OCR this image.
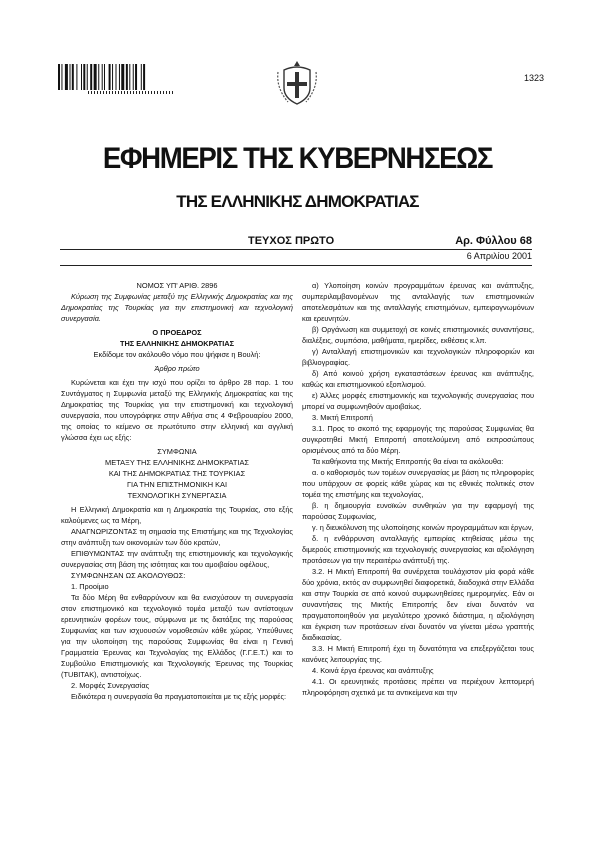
1323
ΕΦΗΜΕΡΙΣ ΤΗΣ ΚΥΒΕΡΝΗΣΕΩΣ
ΤΗΣ ΕΛΛΗΝΙΚΗΣ ΔΗΜΟΚΡΑΤΙΑΣ
ΤΕΥΧΟΣ ΠΡΩΤΟ	Αρ. Φύλλου 68
6 Απριλίου 2001

ΝΟΜΟΣ ΥΠ' ΑΡΙΘ. 2896

Κύρωση της Συμφωνίας μεταξύ της Ελληνικής Δημοκρατίας και της Δημοκρατίας της Τουρκίας για την επιστημονική και τεχνολογική συνεργασία.

Ο ΠΡΟΕΔΡΟΣ

ΤΗΣ ΕΛΛΗΝΙΚΗΣ ΔΗΜΟΚΡΑΤΙΑΣ

Εκδίδομε τον ακόλουθο νόμο που ψήφισε η Βουλή:

Άρθρο πρώτο

Κυρώνεται και έχει την ισχύ που ορίζει το άρθρο 28 παρ. 1 του Συντάγματος η Συμφωνία μεταξύ της Ελληνικής Δημοκρατίας και της Δημοκρατίας της Τουρκίας για την επιστημονική και τεχνολογική συνεργασία, που υπογράφηκε στην Αθήνα στις 4 Φεβρουαρίου 2000, της οποίας το κείμενο σε πρωτότυπο στην ελληνική και αγγλική γλώσσα έχει ως εξής:

ΣΥΜΦΩΝΙΑ

ΜΕΤΑΞΥ ΤΗΣ ΕΛΛΗΝΙΚΗΣ ΔΗΜΟΚΡΑΤΙΑΣ

ΚΑΙ ΤΗΣ ΔΗΜΟΚΡΑΤΙΑΣ ΤΗΣ ΤΟΥΡΚΙΑΣ

ΓΙΑ ΤΗΝ ΕΠΙΣΤΗΜΟΝΙΚΗ ΚΑΙ

ΤΕΧΝΟΛΟΓΙΚΗ ΣΥΝΕΡΓΑΣΙΑ

Η Ελληνική Δημοκρατία και η Δημοκρατία της Τουρκίας, στο εξής καλούμενες ως τα Μέρη,

ΑΝΑΓΝΩΡΙΖΟΝΤΑΣ τη σημασία της Επιστήμης και της Τεχνολογίας στην ανάπτυξη των οικονομιών των δύο κρατών,

ΕΠΙΘΥΜΩΝΤΑΣ την ανάπτυξη της επιστημονικής και τεχνολογικής συνεργασίας στη βάση της ισότητας και του αμοιβαίου οφέλους,

ΣΥΜΦΩΝΗΣΑΝ ΩΣ ΑΚΟΛΟΥΘΩΣ:

1. Προοίμιο

Τα δύο Μέρη θα ενθαρρύνουν και θα ενισχύσουν τη συνεργασία στον επιστημονικό και τεχνολογικό τομέα μεταξύ των αντίστοιχων ερευνητικών φορέων τους, σύμφωνα με τις διατάξεις της παρούσας Συμφωνίας και των ισχυουσών νομοθεσιών κάθε χώρας. Υπεύθυνες για την υλοποίηση της παρούσας Συμφωνίας θα είναι η Γενική Γραμματεία Έρευνας και Τεχνολογίας της Ελλάδος (Γ.Γ.Ε.Τ.) και το Συμβούλιο Επιστημονικής και Τεχνολογικής Έρευνας της Τουρκίας (TUBITAK), αντιστοίχως.

2. Μορφές Συνεργασίας

Ειδικότερα η συνεργασία θα πραγματοποιείται με τις εξής μορφές:

α) Υλοποίηση κοινών προγραμμάτων έρευνας και ανάπτυξης, συμπεριλαμβανομένων της ανταλλαγής των επιστημονικών αποτελεσμάτων και της ανταλλαγής επιστημόνων, εμπειρογνωμόνων και ερευνητών.

β) Οργάνωση και συμμετοχή σε κοινές επιστημονικές συναντήσεις, διαλέξεις, συμπόσια, μαθήματα, ημερίδες, εκθέσεις κ.λπ.

γ) Ανταλλαγή επιστημονικών και τεχνολογικών πληροφοριών και βιβλιογραφίας.

δ) Από κοινού χρήση εγκαταστάσεων έρευνας και ανάπτυξης, καθώς και επιστημονικού εξοπλισμού.

ε) Άλλες μορφές επιστημονικής και τεχνολογικής συνεργασίας που μπορεί να συμφωνηθούν αμοιβαίως.

3. Μικτή Επιτροπή

3.1. Προς το σκοπό της εφαρμογής της παρούσας Συμφωνίας θα συγκροτηθεί Μικτή Επιτροπή αποτελούμενη από εκπροσώπους ορισμένους από τα δύο Μέρη.

Τα καθήκοντα της Μικτής Επιτροπής θα είναι τα ακόλουθα:

α. ο καθορισμός των τομέων συνεργασίας με βάση τις πληροφορίες που υπάρχουν σε φορείς κάθε χώρας και τις εθνικές πολιτικές στον τομέα της επιστήμης και τεχνολογίας,

β. η δημιουργία ευνοϊκών συνθηκών για την εφαρμογή της παρούσας Συμφωνίας,

γ. η διευκόλυνση της υλοποίησης κοινών προγραμμάτων και έργων,

δ. η ενθάρρυνση ανταλλαγής εμπειρίας κτηθείσας μέσω της διμερούς επιστημονικής και τεχνολογικής συνεργασίας και αξιολόγηση προτάσεων για την περαιτέρω ανάπτυξή της.

3.2. Η Μικτή Επιτροπή θα συνέρχεται τουλάχιστον μία φορά κάθε δύο χρόνια, εκτός αν συμφωνηθεί διαφορετικά, διαδοχικά στην Ελλάδα και στην Τουρκία σε από κοινού συμφωνηθείσες ημερομηνίες. Εάν οι συναντήσεις της Μικτής Επιτροπής δεν είναι δυνατόν να πραγματοποιηθούν για μεγαλύτερο χρονικό διάστημα, η αξιολόγηση και έγκριση των προτάσεων είναι δυνατόν να γίνεται μέσω γραπτής διαδικασίας.

3.3. Η Μικτή Επιτροπή έχει τη δυνατότητα να επεξεργάζεται τους κανόνες λειτουργίας της.

4. Κοινά έργα έρευνας και ανάπτυξης

4.1. Οι ερευνητικές προτάσεις πρέπει να περιέχουν λεπτομερή πληροφόρηση σχετικά με τα αντικείμενα και την
